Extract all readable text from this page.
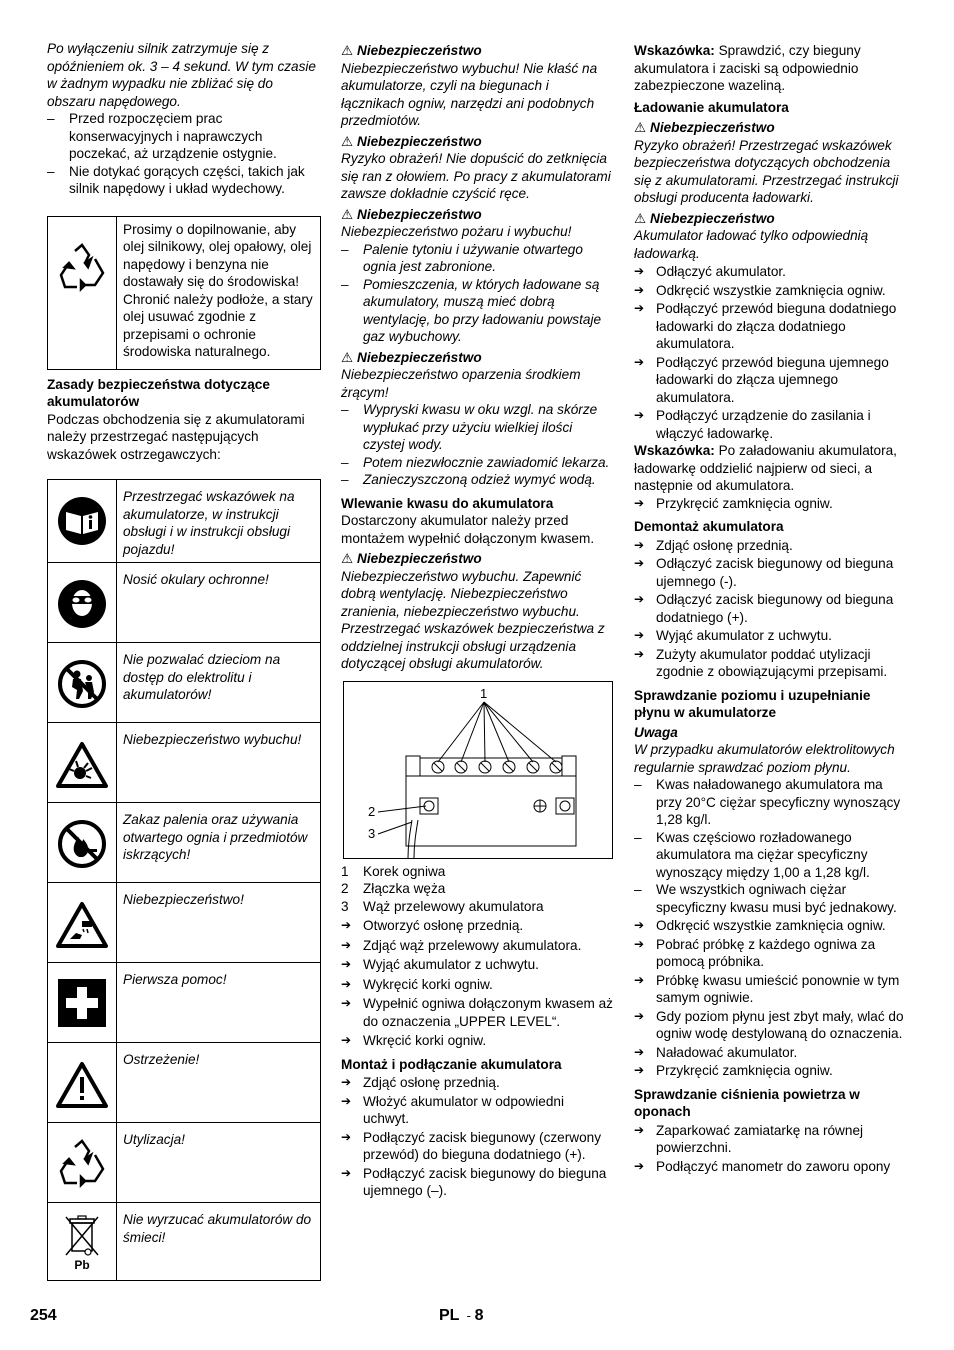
Po wyłączeniu silnik zatrzymuje się z opóźnieniem ok. 3 – 4 sekund. W tym czasie w żadnym wypadku nie zbliżać się do obszaru napędowego.

– Przed rozpoczęciem prac konserwacyjnych i naprawczych poczekać, aż urządzenie ostygnie.

– Nie dotykać gorących części, takich jak silnik napędowy i układ wydechowy.

	Prosimy o dopilnowanie, aby olej silnikowy, olej opałowy, olej napędowy i benzyna nie dostawały się do środowiska! Chronić należy podłoże, a stary olej usuwać zgodnie z przepisami o ochronie środowiska naturalnego.

Zasady bezpieczeństwa dotyczące akumulatorów

Podczas obchodzenia się z akumulatorami należy przestrzegać następujących wskazówek ostrzegawczych:

	Przestrzegać wskazówek na akumulatorze, w instrukcji obsługi i w instrukcji obsługi pojazdu!

	Nosić okulary ochronne!

	Nie pozwalać dzieciom na dostęp do elektrolitu i akumulatorów!

	Niebezpieczeństwo wybuchu!

	Zakaz palenia oraz używania otwartego ognia i przedmiotów iskrzących!

	Niebezpieczeństwo!

	Pierwsza pomoc!

	Ostrzeżenie!

	Utylizacja!

Pb	Nie wyrzucać akumulatorów do śmieci!

⚠ Niebezpieczeństwo

Niebezpieczeństwo wybuchu! Nie kłaść na akumulatorze, czyli na biegunach i łącznikach ogniw, narzędzi ani podobnych przedmiotów.

⚠ Niebezpieczeństwo

Ryzyko obrażeń! Nie dopuścić do zetknięcia się ran z ołowiem. Po pracy z akumulatorami zawsze dokładnie czyścić ręce.

⚠ Niebezpieczeństwo

Niebezpieczeństwo pożaru i wybuchu!

– Palenie tytoniu i używanie otwartego ognia jest zabronione.

– Pomieszczenia, w których ładowane są akumulatory, muszą mieć dobrą wentylację, bo przy ładowaniu powstaje gaz wybuchowy.

⚠ Niebezpieczeństwo

Niebezpieczeństwo oparzenia środkiem żrącym!

– Wypryski kwasu w oku wzgl. na skórze wypłukać przy użyciu wielkiej ilości czystej wody.

– Potem niezwłocznie zawiadomić lekarza.

– Zanieczyszczoną odzież wymyć wodą.

Wlewanie kwasu do akumulatora

Dostarczony akumulator należy przed montażem wypełnić dołączonym kwasem.

⚠ Niebezpieczeństwo

Niebezpieczeństwo wybuchu. Zapewnić dobrą wentylację. Niebezpieczeństwo zranienia, niebezpieczeństwo wybuchu. Przestrzegać wskazówek bezpieczeństwa z oddzielnej instrukcji obsługi urządzenia dotyczącej obsługi akumulatorów.

1
2
3

1 Korek ogniwa

2 Złączka węża

3 Wąż przelewowy akumulatora

➔ Otworzyć osłonę przednią.

➔ Zdjąć wąż przelewowy akumulatora.

➔ Wyjąć akumulator z uchwytu.

➔ Wykręcić korki ogniw.

➔ Wypełnić ogniwa dołączonym kwasem aż do oznaczenia „UPPER LEVEL“.

➔ Wkręcić korki ogniw.

Montaż i podłączanie akumulatora

➔ Zdjąć osłonę przednią.

➔ Włożyć akumulator w odpowiedni uchwyt.

➔ Podłączyć zacisk biegunowy (czerwony przewód) do bieguna dodatniego (+).

➔ Podłączyć zacisk biegunowy do bieguna ujemnego (–).

Wskazówka: Sprawdzić, czy bieguny akumulatora i zaciski są odpowiednio zabezpieczone wazeliną.

Ładowanie akumulatora

⚠ Niebezpieczeństwo

Ryzyko obrażeń! Przestrzegać wskazówek bezpieczeństwa dotyczących obchodzenia się z akumulatorami. Przestrzegać instrukcji obsługi producenta ładowarki.

⚠ Niebezpieczeństwo

Akumulator ładować tylko odpowiednią ładowarką.

➔ Odłączyć akumulator.

➔ Odkręcić wszystkie zamknięcia ogniw.

➔ Podłączyć przewód bieguna dodatniego ładowarki do złącza dodatniego akumulatora.

➔ Podłączyć przewód bieguna ujemnego ładowarki do złącza ujemnego akumulatora.

➔ Podłączyć urządzenie do zasilania i włączyć ładowarkę.

Wskazówka: Po załadowaniu akumulatora, ładowarkę oddzielić najpierw od sieci, a następnie od akumulatora.

➔ Przykręcić zamknięcia ogniw.

Demontaż akumulatora

➔ Zdjąć osłonę przednią.

➔ Odłączyć zacisk biegunowy od bieguna ujemnego (-).

➔ Odłączyć zacisk biegunowy od bieguna dodatniego (+).

➔ Wyjąć akumulator z uchwytu.

➔ Zużyty akumulator poddać utylizacji zgodnie z obowiązującymi przepisami.

Sprawdzanie poziomu i uzupełnianie płynu w akumulatorze

Uwaga

W przypadku akumulatorów elektrolitowych regularnie sprawdzać poziom płynu.

– Kwas naładowanego akumulatora ma przy 20°C ciężar specyficzny wynoszący 1,28 kg/l.

– Kwas częściowo rozładowanego akumulatora ma ciężar specyficzny wynoszący między 1,00 a 1,28 kg/l.

– We wszystkich ogniwach ciężar specyficzny kwasu musi być jednakowy.

➔ Odkręcić wszystkie zamknięcia ogniw.

➔ Pobrać próbkę z każdego ogniwa za pomocą próbnika.

➔ Próbkę kwasu umieścić ponownie w tym samym ogniwie.

➔ Gdy poziom płynu jest zbyt mały, wlać do ogniw wodę destylowaną do oznaczenia.

➔ Naładować akumulator.

➔ Przykręcić zamknięcia ogniw.

Sprawdzanie ciśnienia powietrza w oponach

➔ Zaparkować zamiatarkę na równej powierzchni.

➔ Podłączyć manometr do zaworu opony

254	PL  - 8
